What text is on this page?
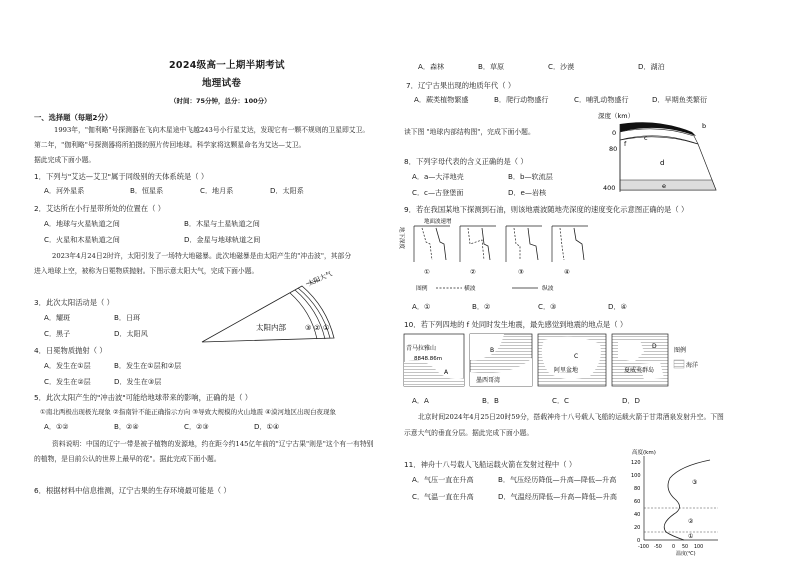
2024级高一上期半期考试
地理试卷
（时间：75分钟，总分：100分）
一、选择题（每题2分）
1993年，"伽利略"号探测器在飞向木星途中飞越243号小行星艾达，发现它有一颗不规则的卫星即艾卫。
第二年，"伽利略"号探测器将所拍摄的照片传回地球。科学家将这颗星命名为艾达—艾卫。
据此完成下面小题。
1．下列与"艾达—艾卫"属于同级别的天体系统是（ ）
A．河外星系	B．恒星系	C．地月系	D．太阳系
2．艾达所在小行星带所处的位置在（ ）
A．地球与火星轨道之间	B．木星与土星轨道之间
C．火星和木星轨道之间	D．金星与地球轨道之间
2023年4月24日2时许，太阳引发了一场特大地磁暴。此次地磁暴是由太阳产生的"冲击波"，其部分
进入地球上空，被称为日冕物质抛射。下图示意太阳大气，完成下面小题。	太阳大气
太阳内部	③ ② ①
3．此次太阳活动是（ ）
A．耀斑	B．日珥
C．黑子	D．太阳风
4．日冕物质抛射（ ）
A．发生在①层	B．发生在①层和②层
C．发生在②层	D．发生在③层
5．此次太阳产生的"冲击波"可能给地球带来的影响，正确的是（ ）
①南北两极出现极光现象 ②指南针不能正确指示方向 ③导致大规模的火山地震 ④漠河地区出现白夜现象
A．①②	B．②④	C．②③	D．①④
资料说明：中国的辽宁一带是被子植物的发源地，约在距今约145亿年前的"辽宁古果"则是"这个有一有特别
的植物，是目前公认的世界上最早的花"。据此完成下面小题。
6．根据材料中信息推测，辽宁古果的生存环境最可能是（ ）
A．森林	B．草原	C．沙漠	D．湖泊
7．辽宁古果出现的地质年代（ ）
A．蕨类植物繁盛	B．爬行动物盛行	C．哺乳动物盛行	D．早期鱼类繁衍
读下图 "地球内部结构图"，完成下面小题。
深度（km）
0
80
400
a	b
c
d
e
f
8．下列字母代表的含义正确的是（ ）
A．a—大洋地壳	B．b—软流层
C．c—古登堡面	D．e—岩核
9．若在我国某地下探测到石油，则该地震波随地壳深度的速度变化示意图正确的是（ ）
地面波速增
地下深度
①	②	③	④
图例	横波	纵波
A．①	B．②	C．③	D．④
10．若下列四地的 f 处同时发生地震，最先感觉到地震的地点是（ ）
青马拉雅山
8848.86m
A
B
墨西哥湾
C
阿里盆地
D
夏威夷群岛
图例
海洋
A．A	B．B	C．C	D．D
北京时间2024年4月25日20时59分，搭载神舟十八号载人飞船的运载火箭于甘肃酒泉发射升空。下图
示意大气的垂直分层。据此完成下面小题。
11．神舟十八号载人飞船运载火箭在发射过程中（ ）
A．气压一直在升高	B．气压经历降低—升高—降低—升高
C．气温一直在升高	D．气温经历降低—升高—降低—升高
高度(km)
120
100
80
60
40
20
0
③
②
①
-100 -50 0 50 100
温度(℃)
